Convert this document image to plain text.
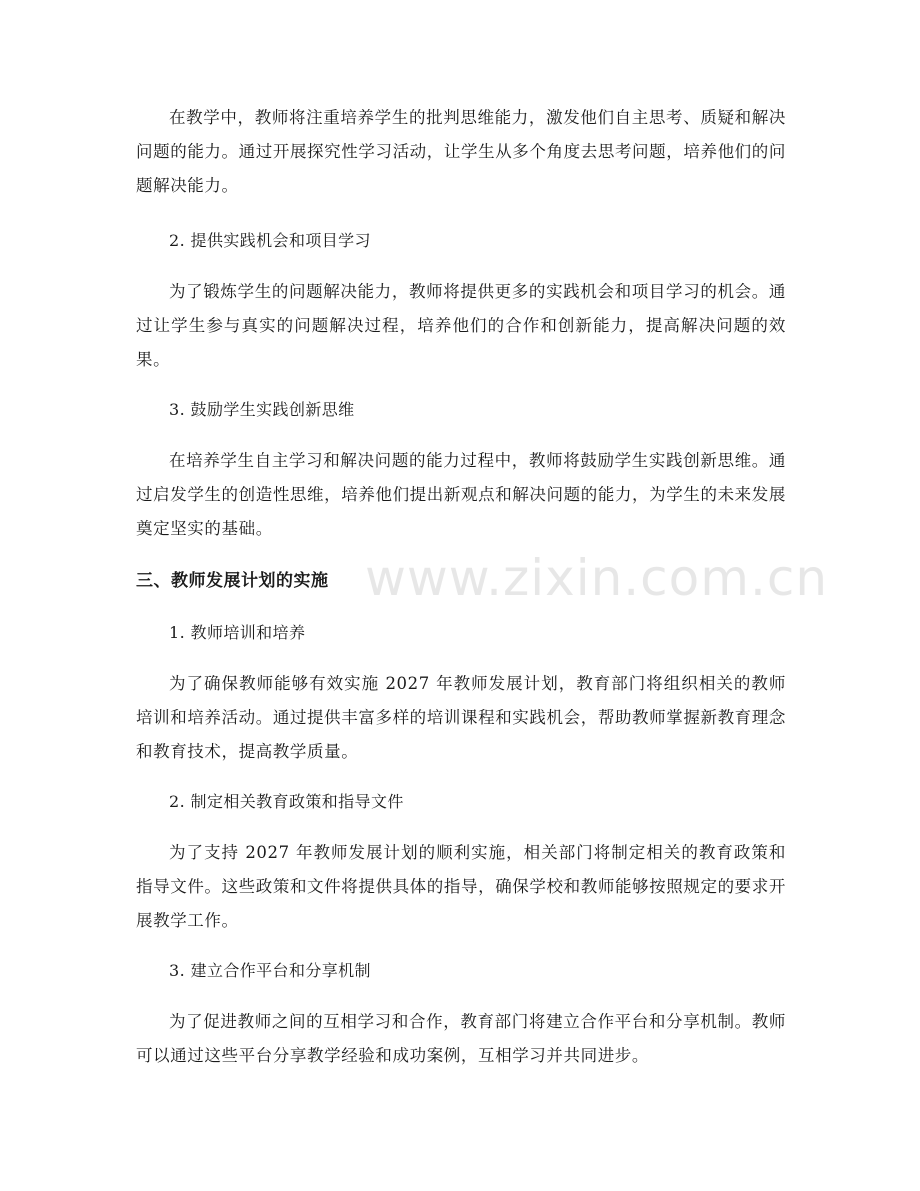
在教学中，教师将注重培养学生的批判思维能力，激发他们自主思考、质疑和解决问题的能力。通过开展探究性学习活动，让学生从多个角度去思考问题，培养他们的问题解决能力。

2. 提供实践机会和项目学习

为了锻炼学生的问题解决能力，教师将提供更多的实践机会和项目学习的机会。通过让学生参与真实的问题解决过程，培养他们的合作和创新能力，提高解决问题的效果。

3. 鼓励学生实践创新思维

在培养学生自主学习和解决问题的能力过程中，教师将鼓励学生实践创新思维。通过启发学生的创造性思维，培养他们提出新观点和解决问题的能力，为学生的未来发展奠定坚实的基础。

三、教师发展计划的实施

1. 教师培训和培养

为了确保教师能够有效实施 2027 年教师发展计划，教育部门将组织相关的教师培训和培养活动。通过提供丰富多样的培训课程和实践机会，帮助教师掌握新教育理念和教育技术，提高教学质量。

2. 制定相关教育政策和指导文件

为了支持 2027 年教师发展计划的顺利实施，相关部门将制定相关的教育政策和指导文件。这些政策和文件将提供具体的指导，确保学校和教师能够按照规定的要求开展教学工作。

3. 建立合作平台和分享机制

为了促进教师之间的互相学习和合作，教育部门将建立合作平台和分享机制。教师可以通过这些平台分享教学经验和成功案例，互相学习并共同进步。

www.zixin.com.cn
